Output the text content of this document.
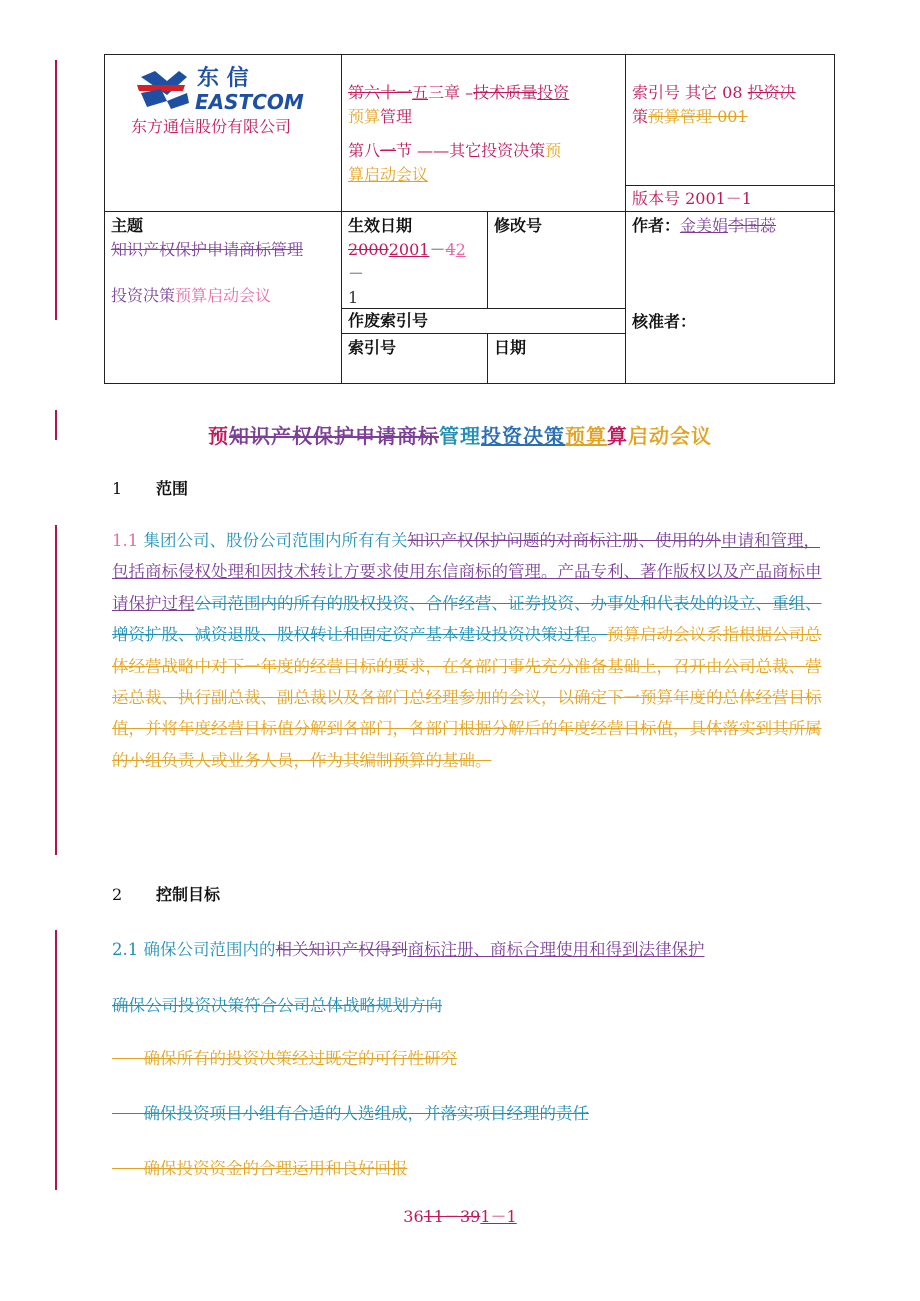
东 信
EASTCOM
东方通信股份有限公司
第六十一五三章 –技术质量投资
预算管理
第八一节 ——其它投资决策预
算启动会议
索引号 其它 08 投资决
策预算管理 001
版本号 2001－1
主题
知识产权保护申请商标管理
投资决策预算启动会议
生效日期
20002001－42－
1
修改号	作者：金美娟李国蕊
核准者：
作废索引号
索引号	日期
预知识产权保护申请商标管理投资决策预算算启动会议
1 范围
1.1 集团公司、股份公司范围内所有有关知识产权保护问题的对商标注册、使用的外申请和管理，包括商标侵权处理和因技术转让方要求使用东信商标的管理。产品专利、著作版权以及产品商标申请保护过程公司范围内的所有的股权投资、合作经营、证券投资、办事处和代表处的设立、重组、增资扩股、减资退股、股权转让和固定资产基本建设投资决策过程。预算启动会议系指根据公司总体经营战略中对下一年度的经营目标的要求，在各部门事先充分准备基础上，召开由公司总裁、营运总裁、执行副总裁、副总裁以及各部门总经理参加的会议，以确定下一预算年度的总体经营目标值，并将年度经营目标值分解到各部门，各部门根据分解后的年度经营目标值，具体落实到其所属的小组负责人或业务人员，作为其编制预算的基础。
2 控制目标
2.1 确保公司范围内的相关知识产权得到商标注册、商标合理使用和得到法律保护
确保公司投资决策符合公司总体战略规划方向
确保所有的投资决策经过既定的可行性研究
确保投资项目小组有合适的人选组成，并落实项目经理的责任
确保投资资金的合理运用和良好回报
3611－391－1
